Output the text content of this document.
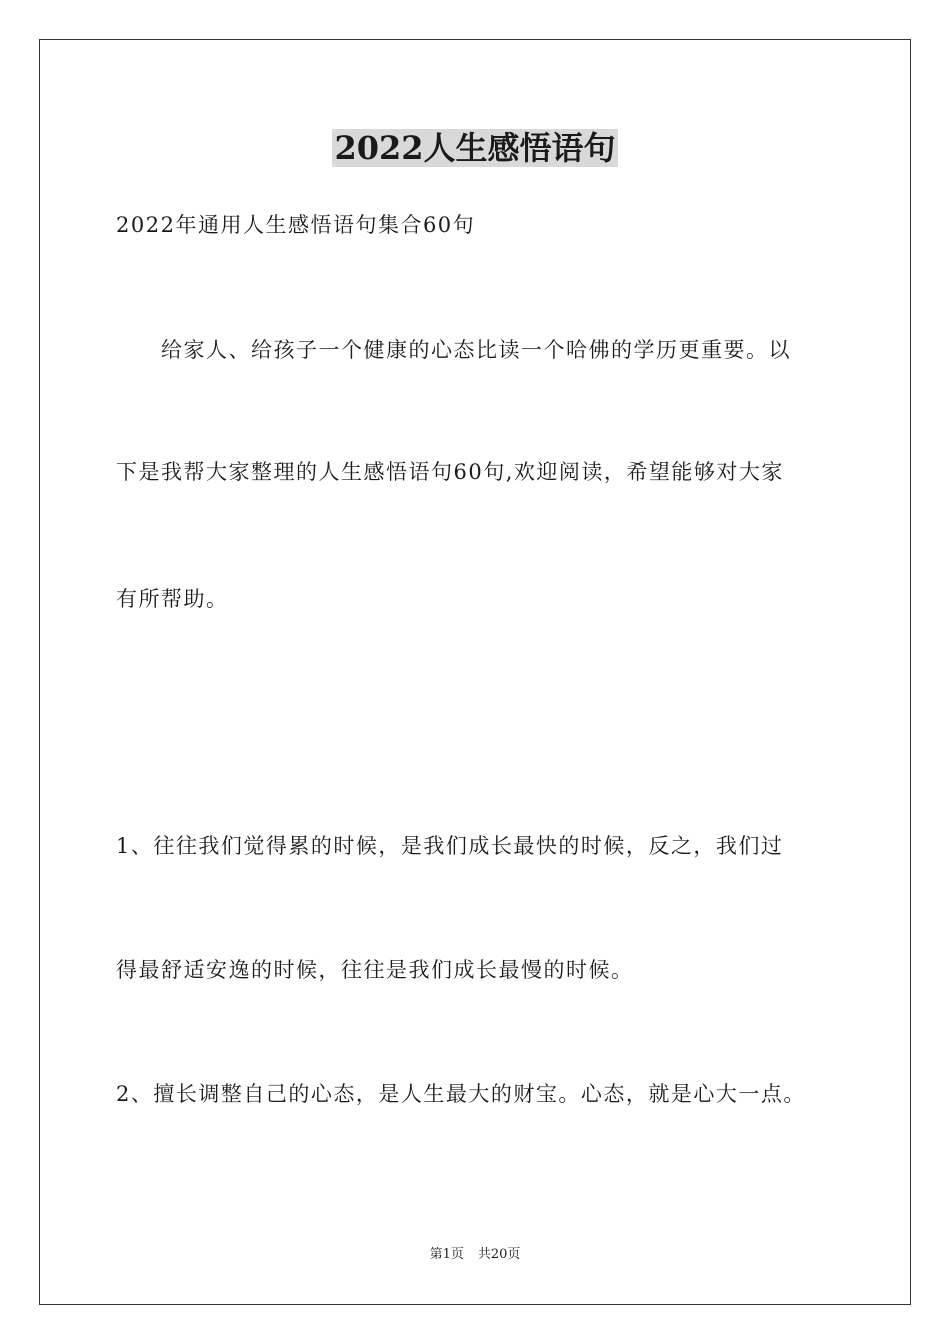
2022人生感悟语句
2022年通用人生感悟语句集合60句
　　给家人、给孩子一个健康的心态比读一个哈佛的学历更重要。以
下是我帮大家整理的人生感悟语句60句,欢迎阅读，希望能够对大家
有所帮助。
1、往往我们觉得累的时候，是我们成长最快的时候，反之，我们过
得最舒适安逸的时候，往往是我们成长最慢的时候。
2、擅长调整自己的心态，是人生最大的财宝。心态，就是心大一点。
第1页 共20页
